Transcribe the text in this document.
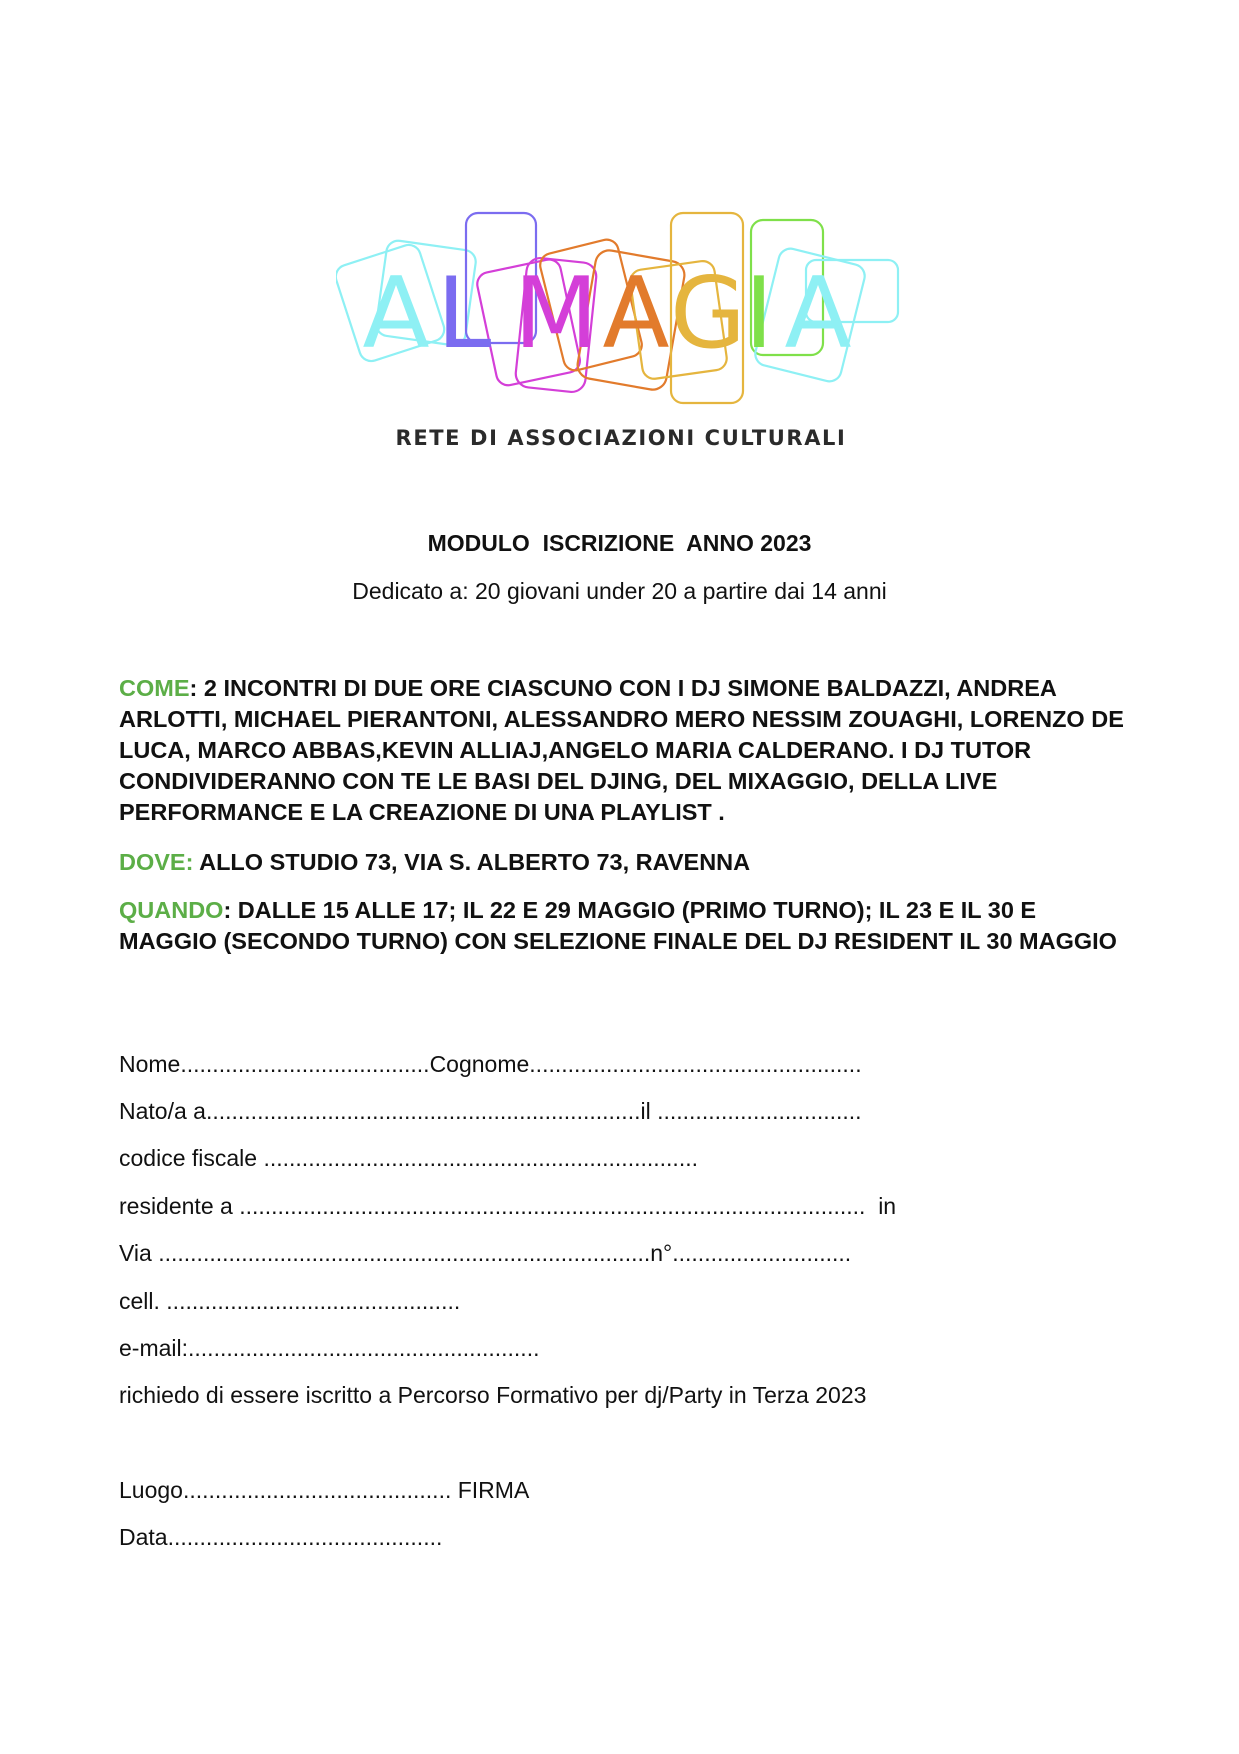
A L M A G
I A
RETE DI ASSOCIAZIONI CULTURALI
MODULO  ISCRIZIONE  ANNO 2023
Dedicato a: 20 giovani under 20 a partire dai 14 anni
COME: 2 INCONTRI DI DUE ORE CIASCUNO CON I DJ SIMONE BALDAZZI, ANDREA ARLOTTI, MICHAEL PIERANTONI, ALESSANDRO MERO NESSIM ZOUAGHI, LORENZO DE LUCA, MARCO ABBAS,KEVIN ALLIAJ,ANGELO MARIA CALDERANO. I DJ TUTOR CONDIVIDERANNO CON TE LE BASI DEL DJING, DEL MIXAGGIO, DELLA LIVE PERFORMANCE E LA CREAZIONE DI UNA PLAYLIST .
DOVE: ALLO STUDIO 73, VIA S. ALBERTO 73, RAVENNA
QUANDO: DALLE 15 ALLE 17; IL 22 E 29 MAGGIO (PRIMO TURNO); IL 23 E IL 30 E MAGGIO (SECONDO TURNO) CON SELEZIONE FINALE DEL DJ RESIDENT IL 30 MAGGIO
Nome.......................................Cognome....................................................
Nato/a a....................................................................il ................................
codice fiscale ....................................................................
residente a ..................................................................................................  in
Via .............................................................................n°............................
cell. ..............................................
e-mail:.......................................................
richiedo di essere iscritto a Percorso Formativo per dj/Party in Terza 2023
Luogo.......................................... FIRMA
Data...........................................
